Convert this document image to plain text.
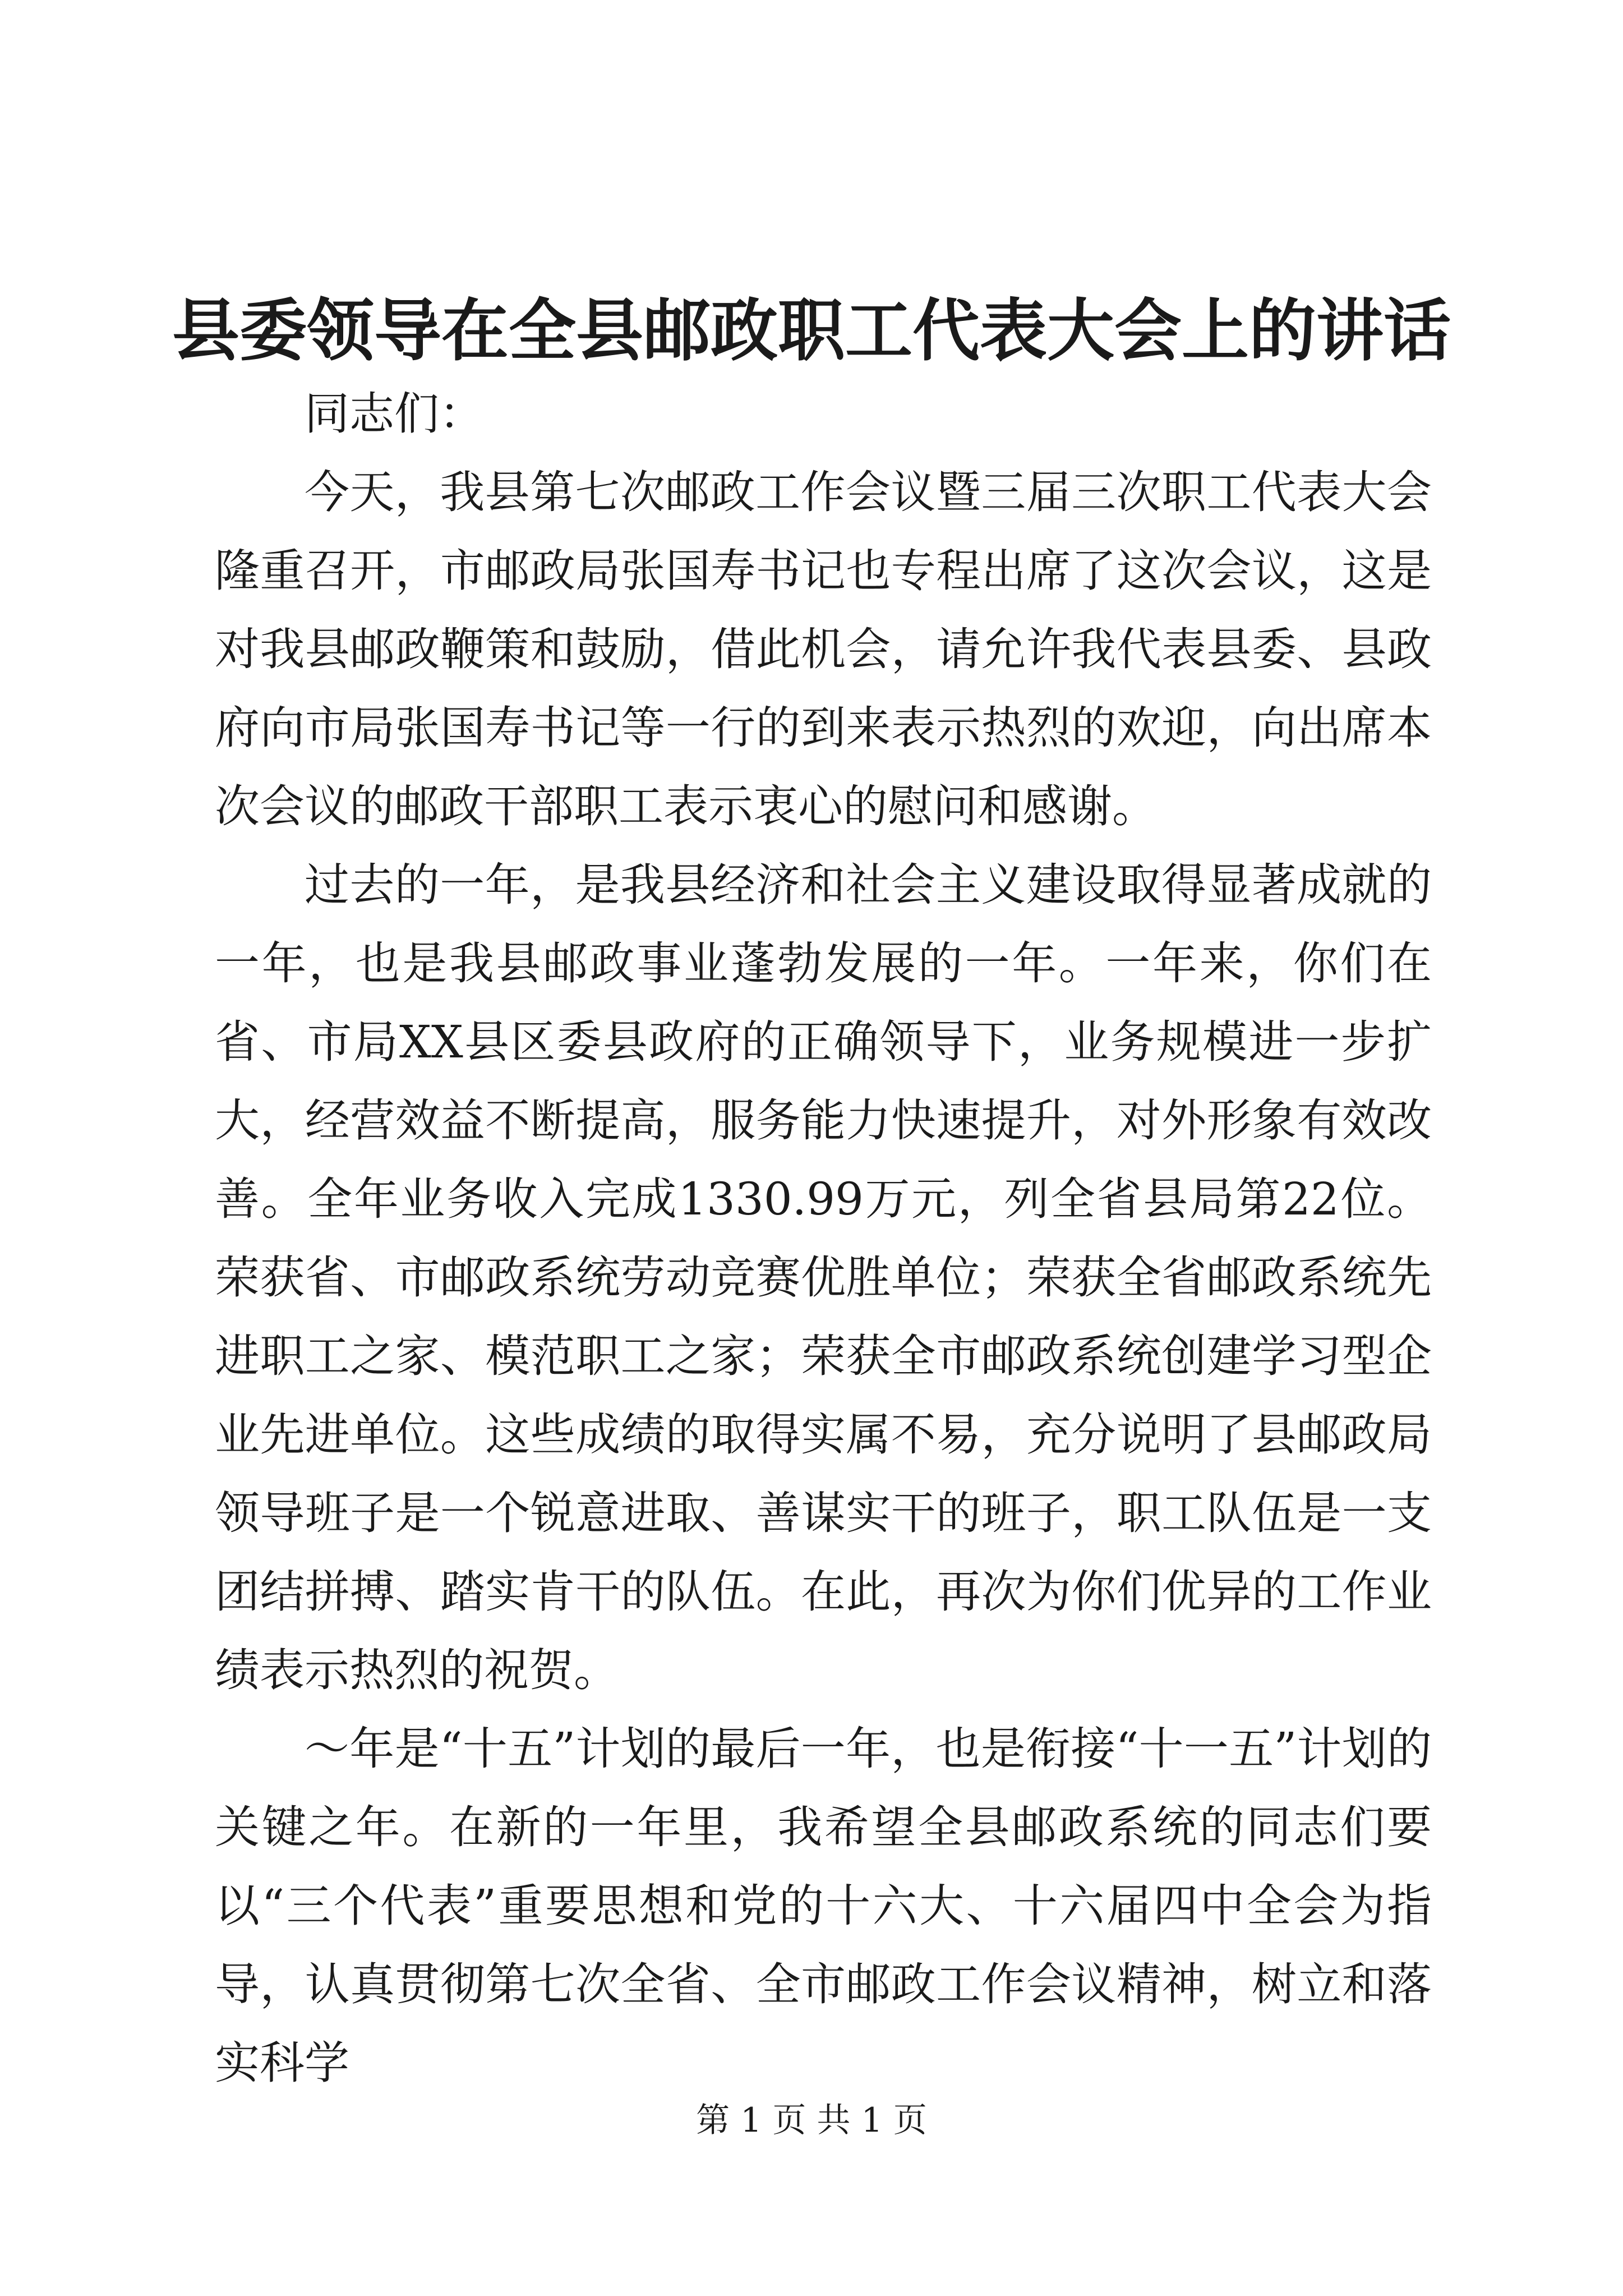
县委领导在全县邮政职工代表大会上的讲话

同志们：

今天，我县第七次邮政工作会议暨三届三次职工代表大会隆重召开，市邮政局张国寿书记也专程出席了这次会议，这是对我县邮政鞭策和鼓励，借此机会，请允许我代表县委、县政府向市局张国寿书记等一行的到来表示热烈的欢迎，向出席本次会议的邮政干部职工表示衷心的慰问和感谢。

过去的一年，是我县经济和社会主义建设取得显著成就的一年，也是我县邮政事业蓬勃发展的一年。一年来，你们在省、市局XX县区委县政府的正确领导下，业务规模进一步扩大，经营效益不断提高，服务能力快速提升，对外形象有效改善。全年业务收入完成1330.99万元，列全省县局第22位。荣获省、市邮政系统劳动竞赛优胜单位；荣获全省邮政系统先进职工之家、模范职工之家；荣获全市邮政系统创建学习型企业先进单位。这些成绩的取得实属不易，充分说明了县邮政局领导班子是一个锐意进取、善谋实干的班子，职工队伍是一支团结拼搏、踏实肯干的队伍。在此，再次为你们优异的工作业绩表示热烈的祝贺。

～年是“十五”计划的最后一年，也是衔接“十一五”计划的关键之年。在新的一年里，我希望全县邮政系统的同志们要以“三个代表”重要思想和党的十六大、十六届四中全会为指导，认真贯彻第七次全省、全市邮政工作会议精神，树立和落实科学

第 1 页 共 1 页
